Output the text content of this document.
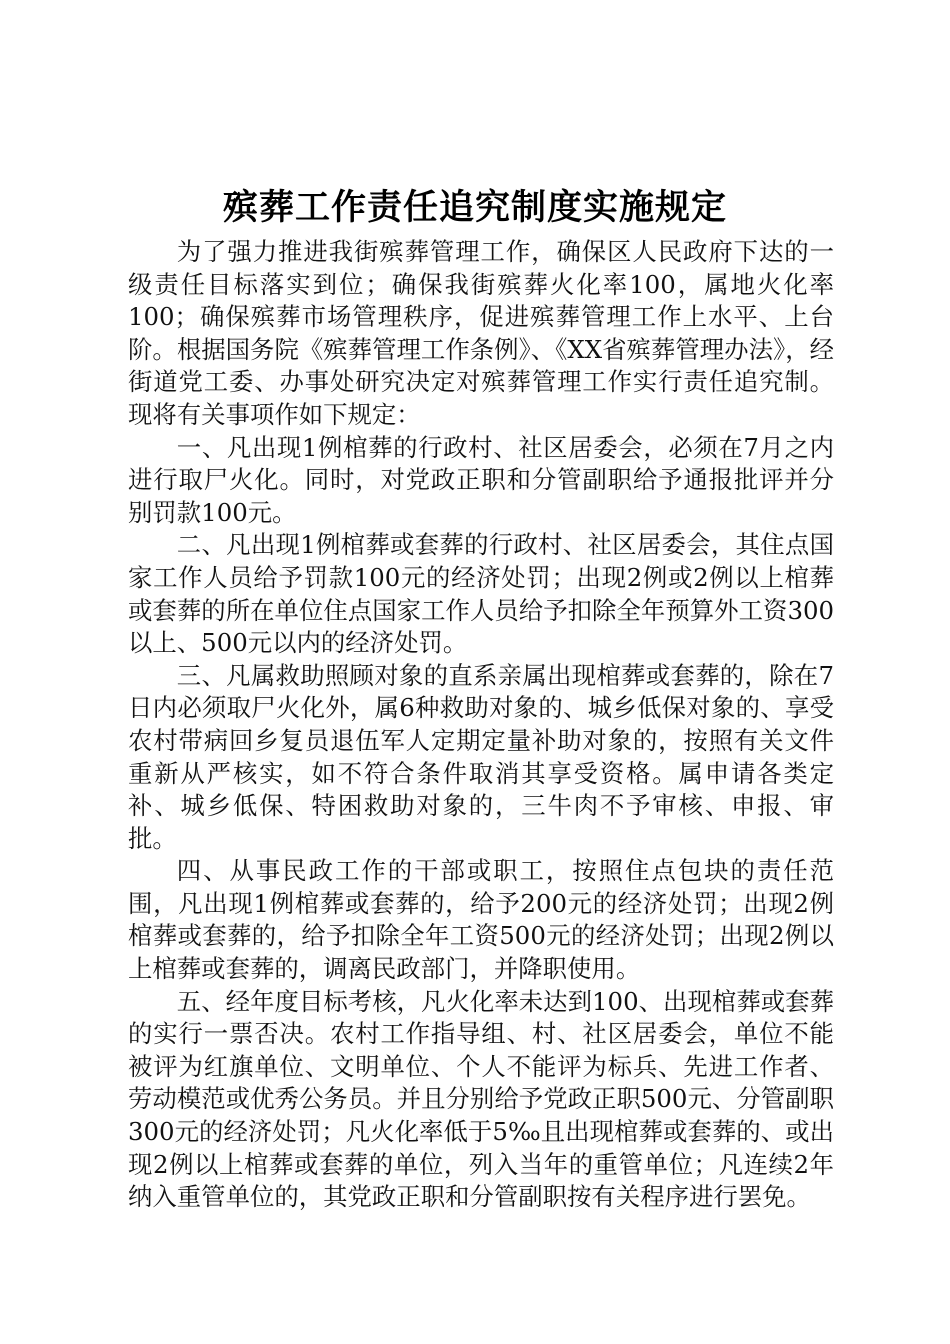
殡葬工作责任追究制度实施规定

为了强力推进我街殡葬管理工作，确保区人民政府下达的一级责任目标落实到位；确保我街殡葬火化率100，属地火化率100；确保殡葬市场管理秩序，促进殡葬管理工作上水平、上台阶。根据国务院《殡葬管理工作条例》、《XX省殡葬管理办法》，经街道党工委、办事处研究决定对殡葬管理工作实行责任追究制。现将有关事项作如下规定：

一、凡出现1例棺葬的行政村、社区居委会，必须在7月之内进行取尸火化。同时，对党政正职和分管副职给予通报批评并分别罚款100元。

二、凡出现1例棺葬或套葬的行政村、社区居委会，其住点国家工作人员给予罚款100元的经济处罚；出现2例或2例以上棺葬或套葬的所在单位住点国家工作人员给予扣除全年预算外工资300以上、500元以内的经济处罚。

三、凡属救助照顾对象的直系亲属出现棺葬或套葬的，除在7日内必须取尸火化外，属6种救助对象的、城乡低保对象的、享受农村带病回乡复员退伍军人定期定量补助对象的，按照有关文件重新从严核实，如不符合条件取消其享受资格。属申请各类定补、城乡低保、特困救助对象的，三牛肉不予审核、申报、审批。

四、从事民政工作的干部或职工，按照住点包块的责任范围，凡出现1例棺葬或套葬的，给予200元的经济处罚；出现2例棺葬或套葬的，给予扣除全年工资500元的经济处罚；出现2例以上棺葬或套葬的，调离民政部门，并降职使用。

五、经年度目标考核，凡火化率未达到100、出现棺葬或套葬的实行一票否决。农村工作指导组、村、社区居委会，单位不能被评为红旗单位、文明单位、个人不能评为标兵、先进工作者、劳动模范或优秀公务员。并且分别给予党政正职500元、分管副职300元的经济处罚；凡火化率低于5‰且出现棺葬或套葬的、或出现2例以上棺葬或套葬的单位，列入当年的重管单位；凡连续2年纳入重管单位的，其党政正职和分管副职按有关程序进行罢免。
